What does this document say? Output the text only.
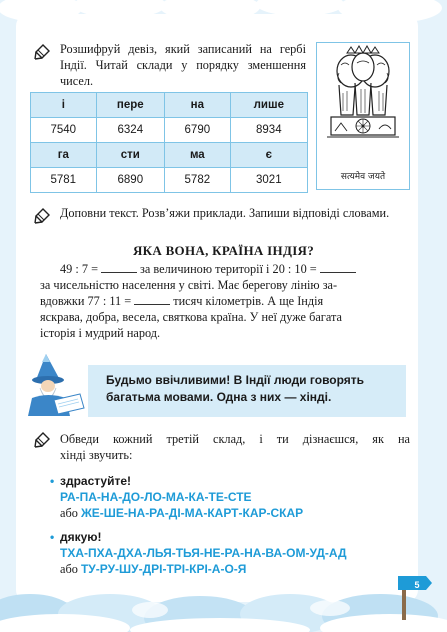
Розшифруй девіз, який записаний на гербі Індії. Читай склади у порядку зменшення чисел.

і	пере	на	лише
7540	6324	6790	8934
га	сти	ма	є
5781	6890	5782	3021	सत्यमेव जयते

Доповни текст. Розв’яжи приклади. Запиши відповіді словами.

ЯКА ВОНА, КРАЇНА ІНДІЯ?

49 : 7 =	за величиною території і 20 : 10 =

за чисельністю населення у світі. Має берегову лінію за-

вдовжки 77 : 11 =	тисяч кілометрів. А ще Індія

яскрава, добра, весела, святкова країна. У неї дуже багата

історія і мудрий народ.

Будьмо ввічливими! В Індії люди говорять
багатьма мовами. Одна з них — хінді.

Обведи кожний третій склад, і ти дізнаєшся, як на

хінді звучить:

• здрастуйте!

РА-ПА-НА-ДО-ЛО-МА-КА-ТЕ-СТЕ

або ЖЕ-ШЕ-НА-РА-ДІ-МА-КАРТ-КАР-СКАР

• дякую!

ТХА-ПХА-ДХА-ЛЬЯ-ТЬЯ-НЕ-РА-НА-ВА-ОМ-УД-АД

або ТУ-РУ-ШУ-ДРІ-ТРІ-КРІ-А-О-Я

5
